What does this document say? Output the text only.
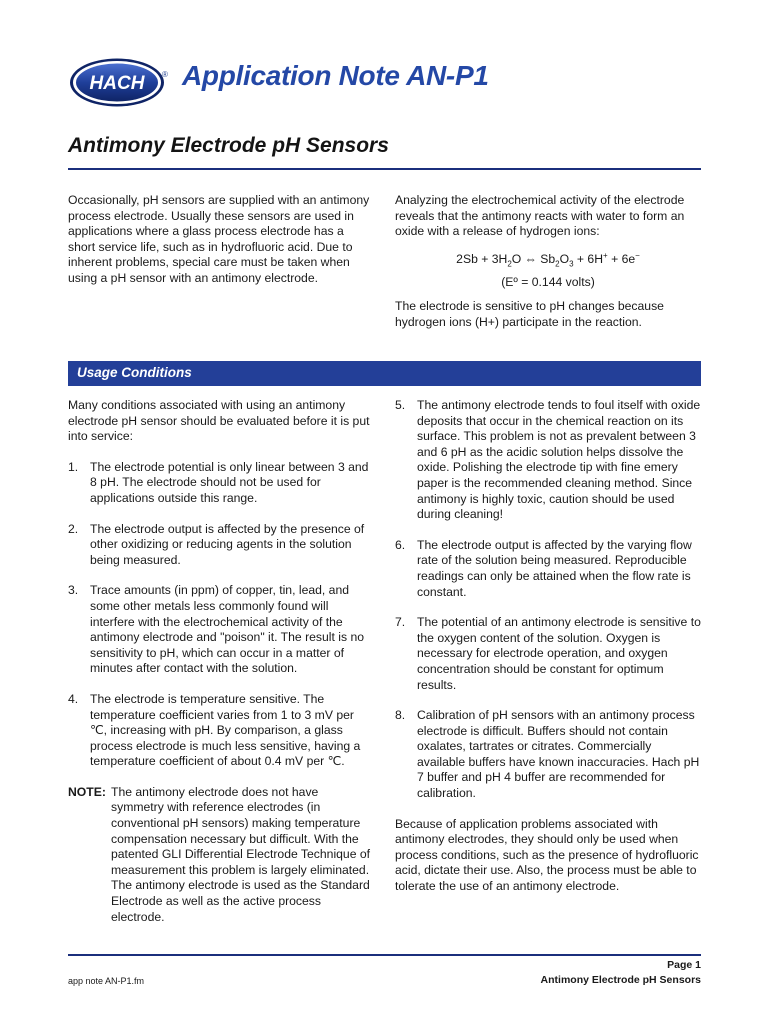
HACH ® Application Note AN-P1
Antimony Electrode pH Sensors

Occasionally, pH sensors are supplied with an antimony process electrode. Usually these sensors are used in applications where a glass process electrode has a short service life, such as in hydrofluoric acid. Due to inherent problems, special care must be taken when using a pH sensor with an antimony electrode.

Analyzing the electrochemical activity of the electrode reveals that the antimony reacts with water to form an oxide with a release of hydrogen ions:

$2Sb + 3H_2O$ ⇔ $Sb_2O_3 + 6H^+ + 6e^-$

(Eº = 0.144 volts)

The electrode is sensitive to pH changes because hydrogen ions (H+) participate in the reaction.

Usage Conditions

Many conditions associated with using an antimony electrode pH sensor should be evaluated before it is put into service:

1. The electrode potential is only linear between 3 and 8 pH. The electrode should not be used for applications outside this range.

2. The electrode output is affected by the presence of other oxidizing or reducing agents in the solution being measured.

3. Trace amounts (in ppm) of copper, tin, lead, and some other metals less commonly found will interfere with the electrochemical activity of the antimony electrode and "poison" it. The result is no sensitivity to pH, which can occur in a matter of minutes after contact with the solution.

4. The electrode is temperature sensitive. The temperature coefficient varies from 1 to 3 mV per ℃, increasing with pH. By comparison, a glass process electrode is much less sensitive, having a temperature coefficient of about 0.4 mV per ℃.

NOTE: The antimony electrode does not have symmetry with reference electrodes (in conventional pH sensors) making temperature compensation necessary but difficult. With the patented GLI Differential Electrode Technique of measurement this problem is largely eliminated. The antimony electrode is used as the Standard Electrode as well as the active process electrode.

5. The antimony electrode tends to foul itself with oxide deposits that occur in the chemical reaction on its surface. This problem is not as prevalent between 3 and 6 pH as the acidic solution helps dissolve the oxide. Polishing the electrode tip with fine emery paper is the recommended cleaning method. Since antimony is highly toxic, caution should be used during cleaning!

6. The electrode output is affected by the varying flow rate of the solution being measured. Reproducible readings can only be attained when the flow rate is constant.

7. The potential of an antimony electrode is sensitive to the oxygen content of the solution. Oxygen is necessary for electrode operation, and oxygen concentration should be constant for optimum results.

8. Calibration of pH sensors with an antimony process electrode is difficult. Buffers should not contain oxalates, tartrates or citrates. Commercially available buffers have known inaccuracies. Hach pH 7 buffer and pH 4 buffer are recommended for calibration.

Because of application problems associated with antimony electrodes, they should only be used when process conditions, such as the presence of hydrofluoric acid, dictate their use. Also, the process must be able to tolerate the use of an antimony electrode.

app note AN-P1.fm
Page 1
Antimony Electrode pH Sensors
